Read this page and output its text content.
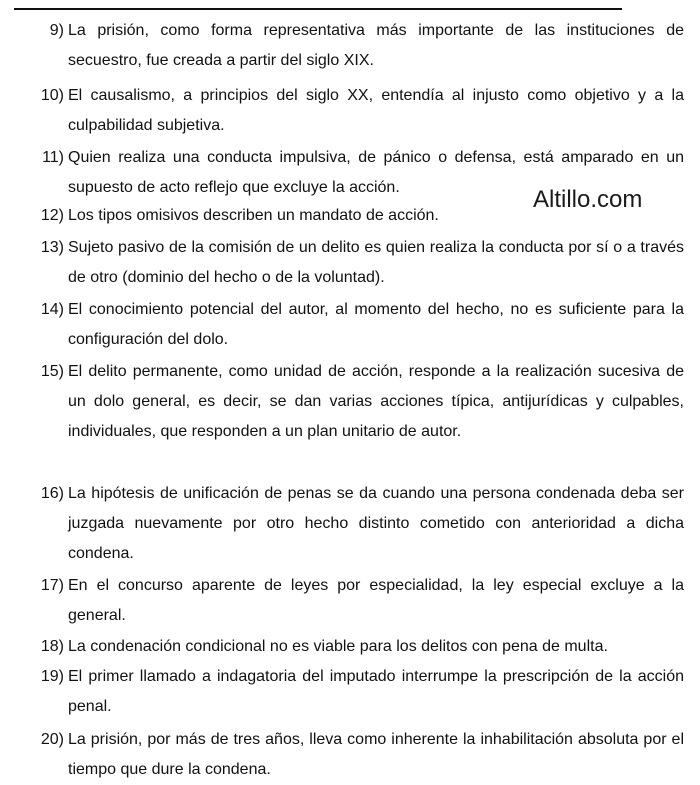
9) La prisión, como forma representativa más importante de las instituciones de secuestro, fue creada a partir del siglo XIX.
10) El causalismo, a principios del siglo XX, entendía al injusto como objetivo y a la culpabilidad subjetiva.
11) Quien realiza una conducta impulsiva, de pánico o defensa, está amparado en un supuesto de acto reflejo que excluye la acción.
12) Los tipos omisivos describen un mandato de acción.
13) Sujeto pasivo de la comisión de un delito es quien realiza la conducta por sí o a través de otro (dominio del hecho o de la voluntad).
14) El conocimiento potencial del autor, al momento del hecho, no es suficiente para la configuración del dolo.
15) El delito permanente, como unidad de acción, responde a la realización sucesiva de un dolo general, es decir, se dan varias acciones típica, antijurídicas y culpables, individuales, que responden a un plan unitario de autor.
16) La hipótesis de unificación de penas se da cuando una persona condenada deba ser juzgada nuevamente por otro hecho distinto cometido con anterioridad a dicha condena.
17) En el concurso aparente de leyes por especialidad, la ley especial excluye a la general.
18) La condenación condicional no es viable para los delitos con pena de multa.
19) El primer llamado a indagatoria del imputado interrumpe la prescripción de la acción penal.
20) La prisión, por más de tres años, lleva como inherente la inhabilitación absoluta por el tiempo que dure la condena.
Altillo.com
